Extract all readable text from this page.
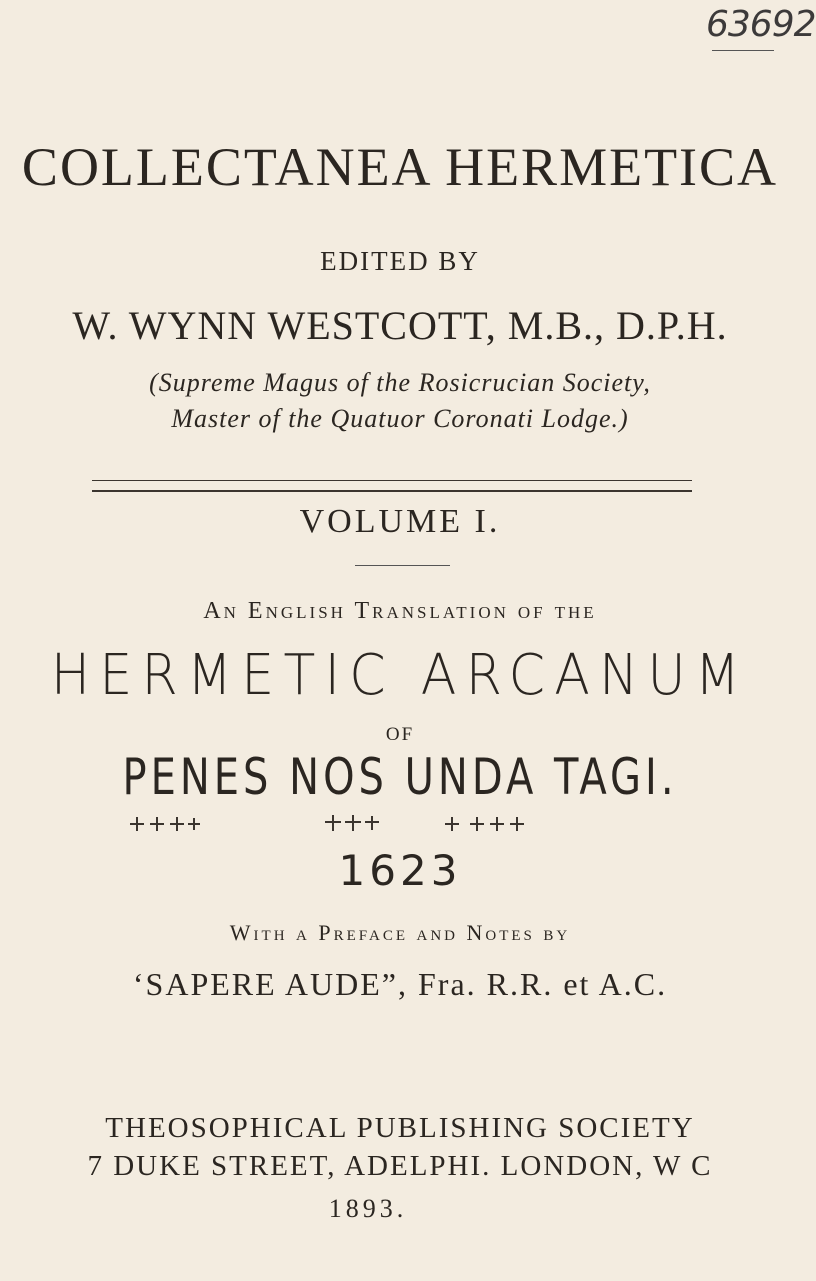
63692
COLLECTANEA HERMETICA
EDITED BY
W. WYNN WESTCOTT, M.B., D.P.H.
(Supreme Magus of the Rosicrucian Society,
Master of the Quatuor Coronati Lodge.)
VOLUME I.
An English Translation of the
HERMETIC ARCANUM
OF
PENES NOS UNDA TAGI.
1623
With a Preface and Notes by
‘SAPERE AUDE”, Fra. R.R. et A.C.
THEOSOPHICAL PUBLISHING SOCIETY
7 DUKE STREET, ADELPHI. LONDON, W C
1893.
